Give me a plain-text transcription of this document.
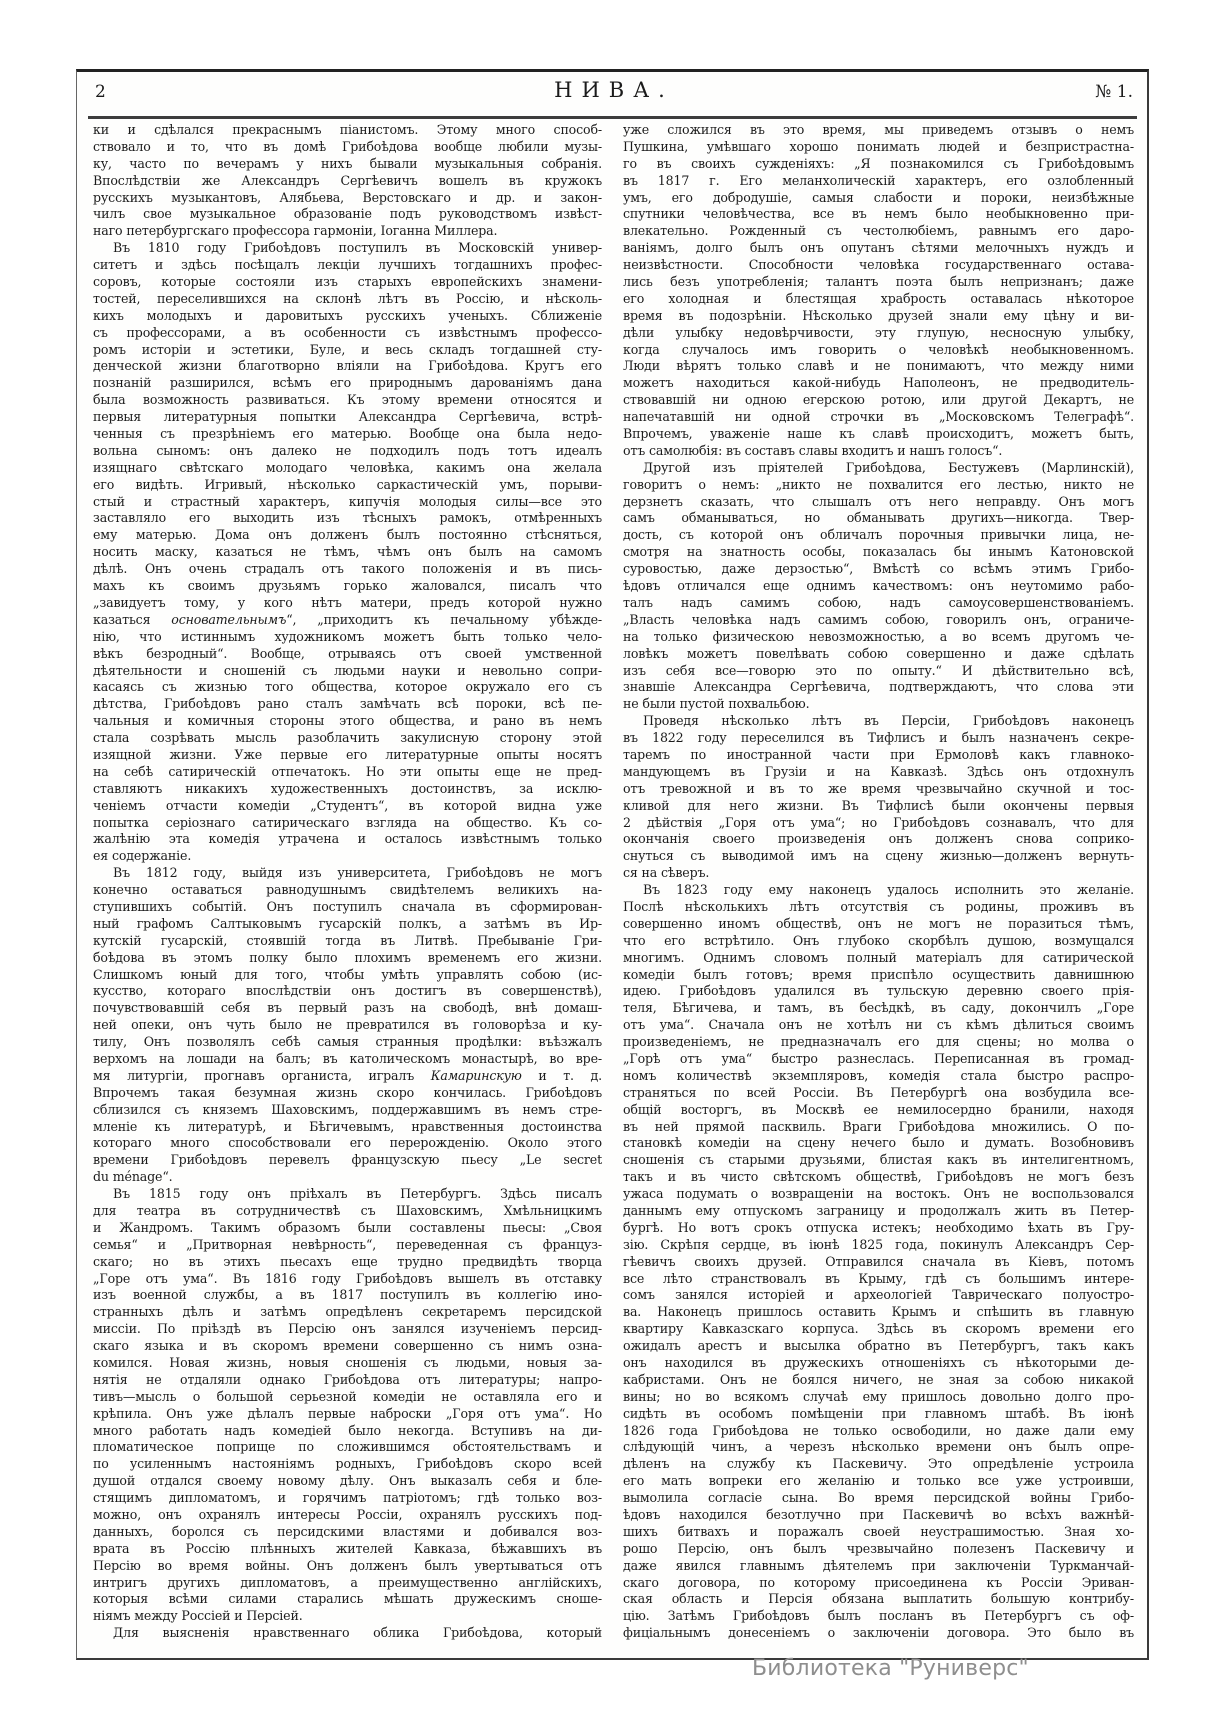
2	НИВА.	№ 1.
ки и сдѣлался прекраснымъ піанистомъ. Этому много способ-
ствовало и то, что въ домѣ Грибоѣдова вообще любили музы-
ку, часто по вечерамъ у нихъ бывали музыкальныя собранія.
Впослѣдствіи же Александръ Сергѣевичъ вошелъ въ кружокъ
русскихъ музыкантовъ, Алябьева, Верстовскаго и др. и закон-
чилъ свое музыкальное образованіе подъ руководствомъ извѣст-
наго петербургскаго профессора гармоніи, Іоганна Миллера.
Въ 1810 году Грибоѣдовъ поступилъ въ Московскій универ-
ситетъ и здѣсь посѣщалъ лекціи лучшихъ тогдашнихъ профес-
соровъ, которые состояли изъ старыхъ европейскихъ знамени-
тостей, переселившихся на склонѣ лѣтъ въ Россію, и нѣсколь-
кихъ молодыхъ и даровитыхъ русскихъ ученыхъ. Сближеніе
съ профессорами, а въ особенности съ извѣстнымъ профессо-
ромъ исторіи и эстетики, Буле, и весь складъ тогдашней сту-
денческой жизни благотворно вліяли на Грибоѣдова. Кругъ его
познаній разширился, всѣмъ его природнымъ дарованіямъ дана
была возможность развиваться. Къ этому времени относятся и
первыя литературныя попытки Александра Сергѣевича, встрѣ-
ченныя съ презрѣніемъ его матерью. Вообще она была недо-
вольна сыномъ: онъ далеко не подходилъ подъ тотъ идеалъ
изящнаго свѣтскаго молодаго человѣка, какимъ она желала
его видѣть. Игривый, нѣсколько саркастическій умъ, порыви-
стый и страстный характеръ, кипучія молодыя силы—все это
заставляло его выходить изъ тѣсныхъ рамокъ, отмѣренныхъ
ему матерью. Дома онъ долженъ былъ постоянно стѣсняться,
носить маску, казаться не тѣмъ, чѣмъ онъ былъ на самомъ
дѣлѣ. Онъ очень страдалъ отъ такого положенія и въ пись-
махъ къ своимъ друзьямъ горько жаловался, писалъ что
„завидуетъ тому, у кого нѣтъ матери, предъ которой нужно
казаться основательнымъ“, „приходитъ къ печальному убѣжде-
нію, что истиннымъ художникомъ можетъ быть только чело-
вѣкъ безродный“. Вообще, отрываясь отъ своей умственной
дѣятельности и сношеній съ людьми науки и невольно сопри-
касаясь съ жизнью того общества, которое окружало его съ
дѣтства, Грибоѣдовъ рано сталъ замѣчать всѣ пороки, всѣ пе-
чальныя и комичныя стороны этого общества, и рано въ немъ
стала созрѣвать мысль разоблачить закулисную сторону этой
изящной жизни. Уже первые его литературные опыты носятъ
на себѣ сатирическій отпечатокъ. Но эти опыты еще не пред-
ставляютъ никакихъ художественныхъ достоинствъ, за исклю-
ченіемъ отчасти комедіи „Студентъ“, въ которой видна уже
попытка серіознаго сатирическаго взгляда на общество. Къ со-
жалѣнію эта комедія утрачена и осталось извѣстнымъ только
ея содержаніе.
Въ 1812 году, выйдя изъ университета, Грибоѣдовъ не могъ
конечно оставаться равнодушнымъ свидѣтелемъ великихъ на-
ступившихъ событій. Онъ поступилъ сначала въ сформирован-
ный графомъ Салтыковымъ гусарскій полкъ, а затѣмъ въ Ир-
кутскій гусарскій, стоявшій тогда въ Литвѣ. Пребываніе Гри-
боѣдова въ этомъ полку было плохимъ временемъ его жизни.
Слишкомъ юный для того, чтобы умѣть управлять собою (ис-
кусство, котораго впослѣдствіи онъ достигъ въ совершенствѣ),
почувствовавшій себя въ первый разъ на свободѣ, внѣ домаш-
ней опеки, онъ чуть было не превратился въ головорѣза и ку-
тилу, Онъ позволялъ себѣ самыя странныя продѣлки: въѣзжалъ
верхомъ на лошади на балъ; въ католическомъ монастырѣ, во вре-
мя литургіи, прогнавъ органиста, игралъ Камаринскую и т. д.
Впрочемъ такая безумная жизнь скоро кончилась. Грибоѣдовъ
сблизился съ княземъ Шаховскимъ, поддержавшимъ въ немъ стре-
мленіе къ литературѣ, и Бѣгичевымъ, нравственныя достоинства
котораго много способствовали его перерожденію. Около этого
времени Грибоѣдовъ перевелъ французскую пьесу „Le secret
du ménage“.
Въ 1815 году онъ пріѣхалъ въ Петербургъ. Здѣсь писалъ
для театра въ сотрудничествѣ съ Шаховскимъ, Хмѣльницкимъ
и Жандромъ. Такимъ образомъ были составлены пьесы: „Своя
семья“ и „Притворная невѣрность“, переведенная съ француз-
скаго; но въ этихъ пьесахъ еще трудно предвидѣть творца
„Горе отъ ума“. Въ 1816 году Грибоѣдовъ вышелъ въ отставку
изъ военной службы, а въ 1817 поступилъ въ коллегію ино-
странныхъ дѣлъ и затѣмъ опредѣленъ секретаремъ персидской
миссіи. По пріѣздѣ въ Персію онъ занялся изученіемъ персид-
скаго языка и въ скоромъ времени совершенно съ нимъ озна-
комился. Новая жизнь, новыя сношенія съ людьми, новыя за-
нятія не отдаляли однако Грибоѣдова отъ литературы; напро-
тивъ—мысль о большой серьезной комедіи не оставляла его и
крѣпила. Онъ уже дѣлалъ первые наброски „Горя отъ ума“. Но
много работать надъ комедіей было некогда. Вступивъ на ди-
пломатическое поприще по сложившимся обстоятельствамъ и
по усиленнымъ настояніямъ родныхъ, Грибоѣдовъ скоро всей
душой отдался своему новому дѣлу. Онъ выказалъ себя и бле-
стящимъ дипломатомъ, и горячимъ патріотомъ; гдѣ только воз-
можно, онъ охранялъ интересы Россіи, охранялъ русскихъ под-
данныхъ, боролся съ персидскими властями и добивался воз-
врата въ Россію плѣнныхъ жителей Кавказа, бѣжавшихъ въ
Персію во время войны. Онъ долженъ былъ увертываться отъ
интригъ другихъ дипломатовъ, а преимущественно англійскихъ,
которыя всѣми силами старались мѣшать дружескимъ сноше-
ніямъ между Россіей и Персіей.
Для выясненія нравственнаго облика Грибоѣдова, который
уже сложился въ это время, мы приведемъ отзывъ о немъ
Пушкина, умѣвшаго хорошо понимать людей и безпристрастна-
го въ своихъ сужденіяхъ: „Я познакомился съ Грибоѣдовымъ
въ 1817 г. Его меланхолическій характеръ, его озлобленный
умъ, его добродушіе, самыя слабости и пороки, неизбѣжные
спутники человѣчества, все въ немъ было необыкновенно при-
влекательно. Рожденный съ честолюбіемъ, равнымъ его даро-
ваніямъ, долго былъ онъ опутанъ сѣтями мелочныхъ нуждъ и
неизвѣстности. Способности человѣка государственнаго остава-
лись безъ употребленія; талантъ поэта былъ непризнанъ; даже
его холодная и блестящая храбрость оставалась нѣкоторое
время въ подозрѣніи. Нѣсколько друзей знали ему цѣну и ви-
дѣли улыбку недовѣрчивости, эту глупую, несносную улыбку,
когда случалось имъ говорить о человѣкѣ необыкновенномъ.
Люди вѣрятъ только славѣ и не понимаютъ, что между ними
можетъ находиться какой-нибудь Наполеонъ, не предводитель-
ствовавшій ни одною егерскою ротою, или другой Декартъ, не
напечатавшій ни одной строчки въ „Московскомъ Телеграфѣ“.
Впрочемъ, уваженіе наше къ славѣ происходитъ, можетъ быть,
отъ самолюбія: въ составъ славы входитъ и нашъ голосъ“.
Другой изъ пріятелей Грибоѣдова, Бестужевъ (Марлинскій),
говоритъ о немъ: „никто не похвалится его лестью, никто не
дерзнетъ сказать, что слышалъ отъ него неправду. Онъ могъ
самъ обманываться, но обманывать другихъ—никогда. Твер-
дость, съ которой онъ обличалъ порочныя привычки лица, не-
смотря на знатность особы, показалась бы инымъ Катоновской
суровостью, даже дерзостью“, Вмѣстѣ со всѣмъ этимъ Грибо-
ѣдовъ отличался еще однимъ качествомъ: онъ неутомимо рабо-
талъ надъ самимъ собою, надъ самоусовершенствованіемъ.
„Власть человѣка надъ самимъ собою, говорилъ онъ, ограниче-
на только физическою невозможностью, а во всемъ другомъ че-
ловѣкъ можетъ повелѣвать собою совершенно и даже сдѣлать
изъ себя все—говорю это по опыту.“ И дѣйствительно всѣ,
знавшіе Александра Сергѣевича, подтверждаютъ, что слова эти
не были пустой похвальбою.
Проведя нѣсколько лѣтъ въ Персіи, Грибоѣдовъ наконецъ
въ 1822 году переселился въ Тифлисъ и былъ назначенъ секре-
таремъ по иностранной части при Ермоловѣ какъ главноко-
мандующемъ въ Грузіи и на Кавказѣ. Здѣсь онъ отдохнулъ
отъ тревожной и въ то же время чрезвычайно скучной и тос-
кливой для него жизни. Въ Тифлисѣ были окончены первыя
2 дѣйствія „Горя отъ ума“; но Грибоѣдовъ сознавалъ, что для
окончанія своего произведенія онъ долженъ снова соприко-
снуться съ выводимой имъ на сцену жизнью—долженъ вернуть-
ся на сѣверъ.
Въ 1823 году ему наконецъ удалось исполнить это желаніе.
Послѣ нѣсколькихъ лѣтъ отсутствія съ родины, проживъ въ
совершенно иномъ обществѣ, онъ не могъ не поразиться тѣмъ,
что его встрѣтило. Онъ глубоко скорбѣлъ душою, возмущался
многимъ. Однимъ словомъ полный матеріалъ для сатирической
комедіи былъ готовъ; время приспѣло осуществить давнишнюю
идею. Грибоѣдовъ удалился въ тульскую деревню своего прія-
теля, Бѣгичева, и тамъ, въ бесѣдкѣ, въ саду, докончилъ „Горе
отъ ума“. Сначала онъ не хотѣлъ ни съ кѣмъ дѣлиться своимъ
произведеніемъ, не предназначалъ его для сцены; но молва о
„Горѣ отъ ума“ быстро разнеслась. Переписанная въ громад-
номъ количествѣ экземпляровъ, комедія стала быстро распро-
страняться по всей Россіи. Въ Петербургѣ она возбудила все-
общій восторгъ, въ Москвѣ ее немилосердно бранили, находя
въ ней прямой пасквиль. Враги Грибоѣдова множились. О по-
становкѣ комедіи на сцену нечего было и думать. Возобновивъ
сношенія съ старыми друзьями, блистая какъ въ интелигентномъ,
такъ и въ чисто свѣтскомъ обществѣ, Грибоѣдовъ не могъ безъ
ужаса подумать о возвращеніи на востокъ. Онъ не воспользовался
даннымъ ему отпускомъ заграницу и продолжалъ жить въ Петер-
бургѣ. Но вотъ срокъ отпуска истекъ; необходимо ѣхать въ Гру-
зію. Скрѣпя сердце, въ іюнѣ 1825 года, покинулъ Александръ Сер-
гѣевичъ своихъ друзей. Отправился сначала въ Кіевъ, потомъ
все лѣто странствовалъ въ Крыму, гдѣ съ большимъ интере-
сомъ занялся исторіей и археологіей Таврическаго полуостро-
ва. Наконецъ пришлось оставить Крымъ и спѣшить въ главную
квартиру Кавказскаго корпуса. Здѣсь въ скоромъ времени его
ожидалъ арестъ и высылка обратно въ Петербургъ, такъ какъ
онъ находился въ дружескихъ отношеніяхъ съ нѣкоторыми де-
кабристами. Онъ не боялся ничего, не зная за собою никакой
вины; но во всякомъ случаѣ ему пришлось довольно долго про-
сидѣть въ особомъ помѣщеніи при главномъ штабѣ. Въ іюнѣ
1826 года Грибоѣдова не только освободили, но даже дали ему
слѣдующій чинъ, а черезъ нѣсколько времени онъ былъ опре-
дѣленъ на службу къ Паскевичу. Это опредѣленіе устроила
его мать вопреки его желанію и только все уже устроивши,
вымолила согласіе сына. Во время персидской войны Грибо-
ѣдовъ находился безотлучно при Паскевичѣ во всѣхъ важнѣй-
шихъ битвахъ и поражалъ своей неустрашимостью. Зная хо-
рошо Персію, онъ былъ чрезвычайно полезенъ Паскевичу и
даже явился главнымъ дѣятелемъ при заключеніи Туркманчай-
скаго договора, по которому присоединена къ Россіи Эриван-
ская область и Персія обязана выплатить большую контрибу-
цію. Затѣмъ Грибоѣдовъ былъ посланъ въ Петербургъ съ оф-
фиціальнымъ донесеніемъ о заключеніи договора. Это было въ
Библиотека "Руниверс"
